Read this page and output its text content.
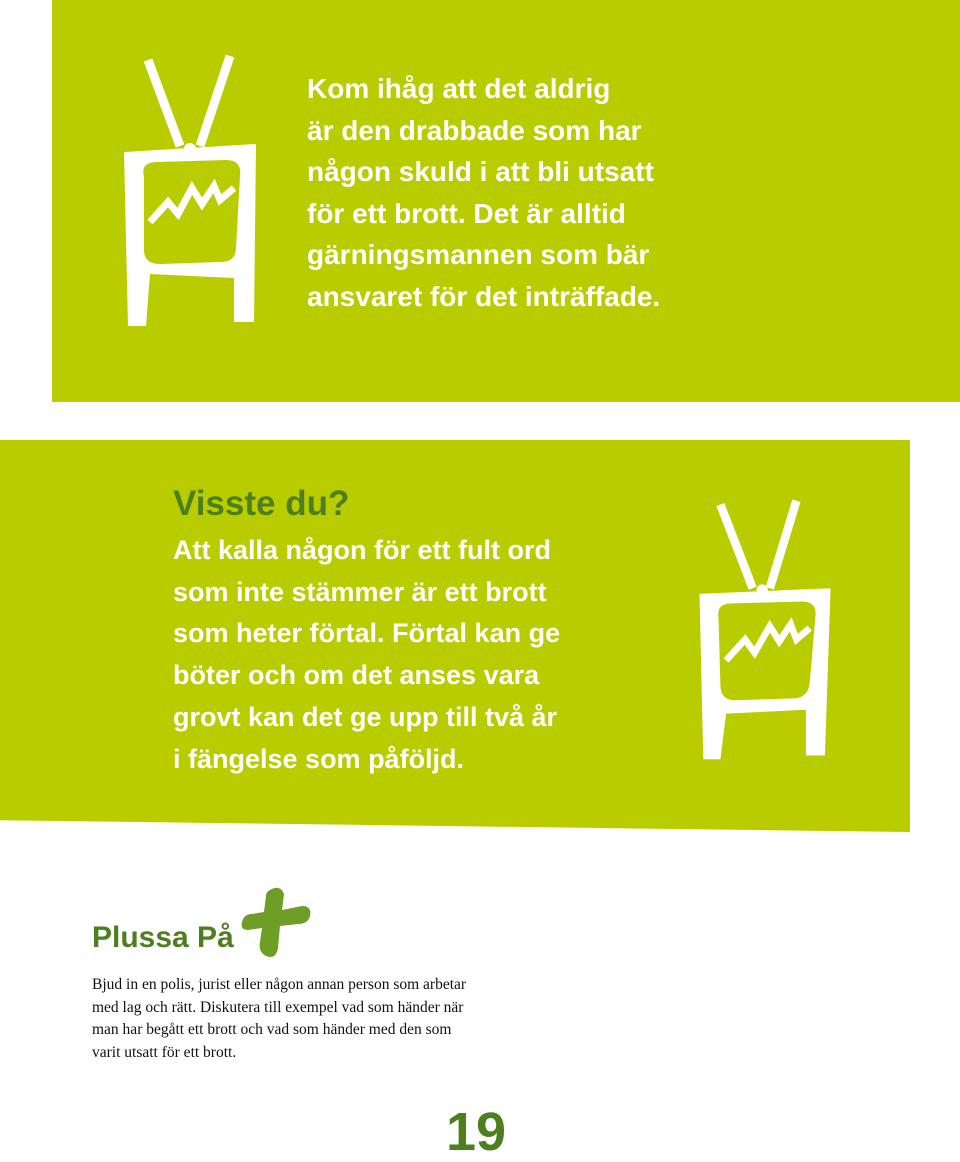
Kom ihåg att det aldrig
är den drabbade som har
någon skuld i att bli utsatt
för ett brott. Det är alltid
gärningsmannen som bär
ansvaret för det inträffade.

Visste du?

Att kalla någon för ett fult ord
som inte stämmer är ett brott
som heter förtal. Förtal kan ge
böter och om det anses vara
grovt kan det ge upp till två år
i fängelse som påföljd.

Plussa På

Bjud in en polis, jurist eller någon annan person som arbetar
med lag och rätt. Diskutera till exempel vad som händer när
man har begått ett brott och vad som händer med den som
varit utsatt för ett brott.

19
